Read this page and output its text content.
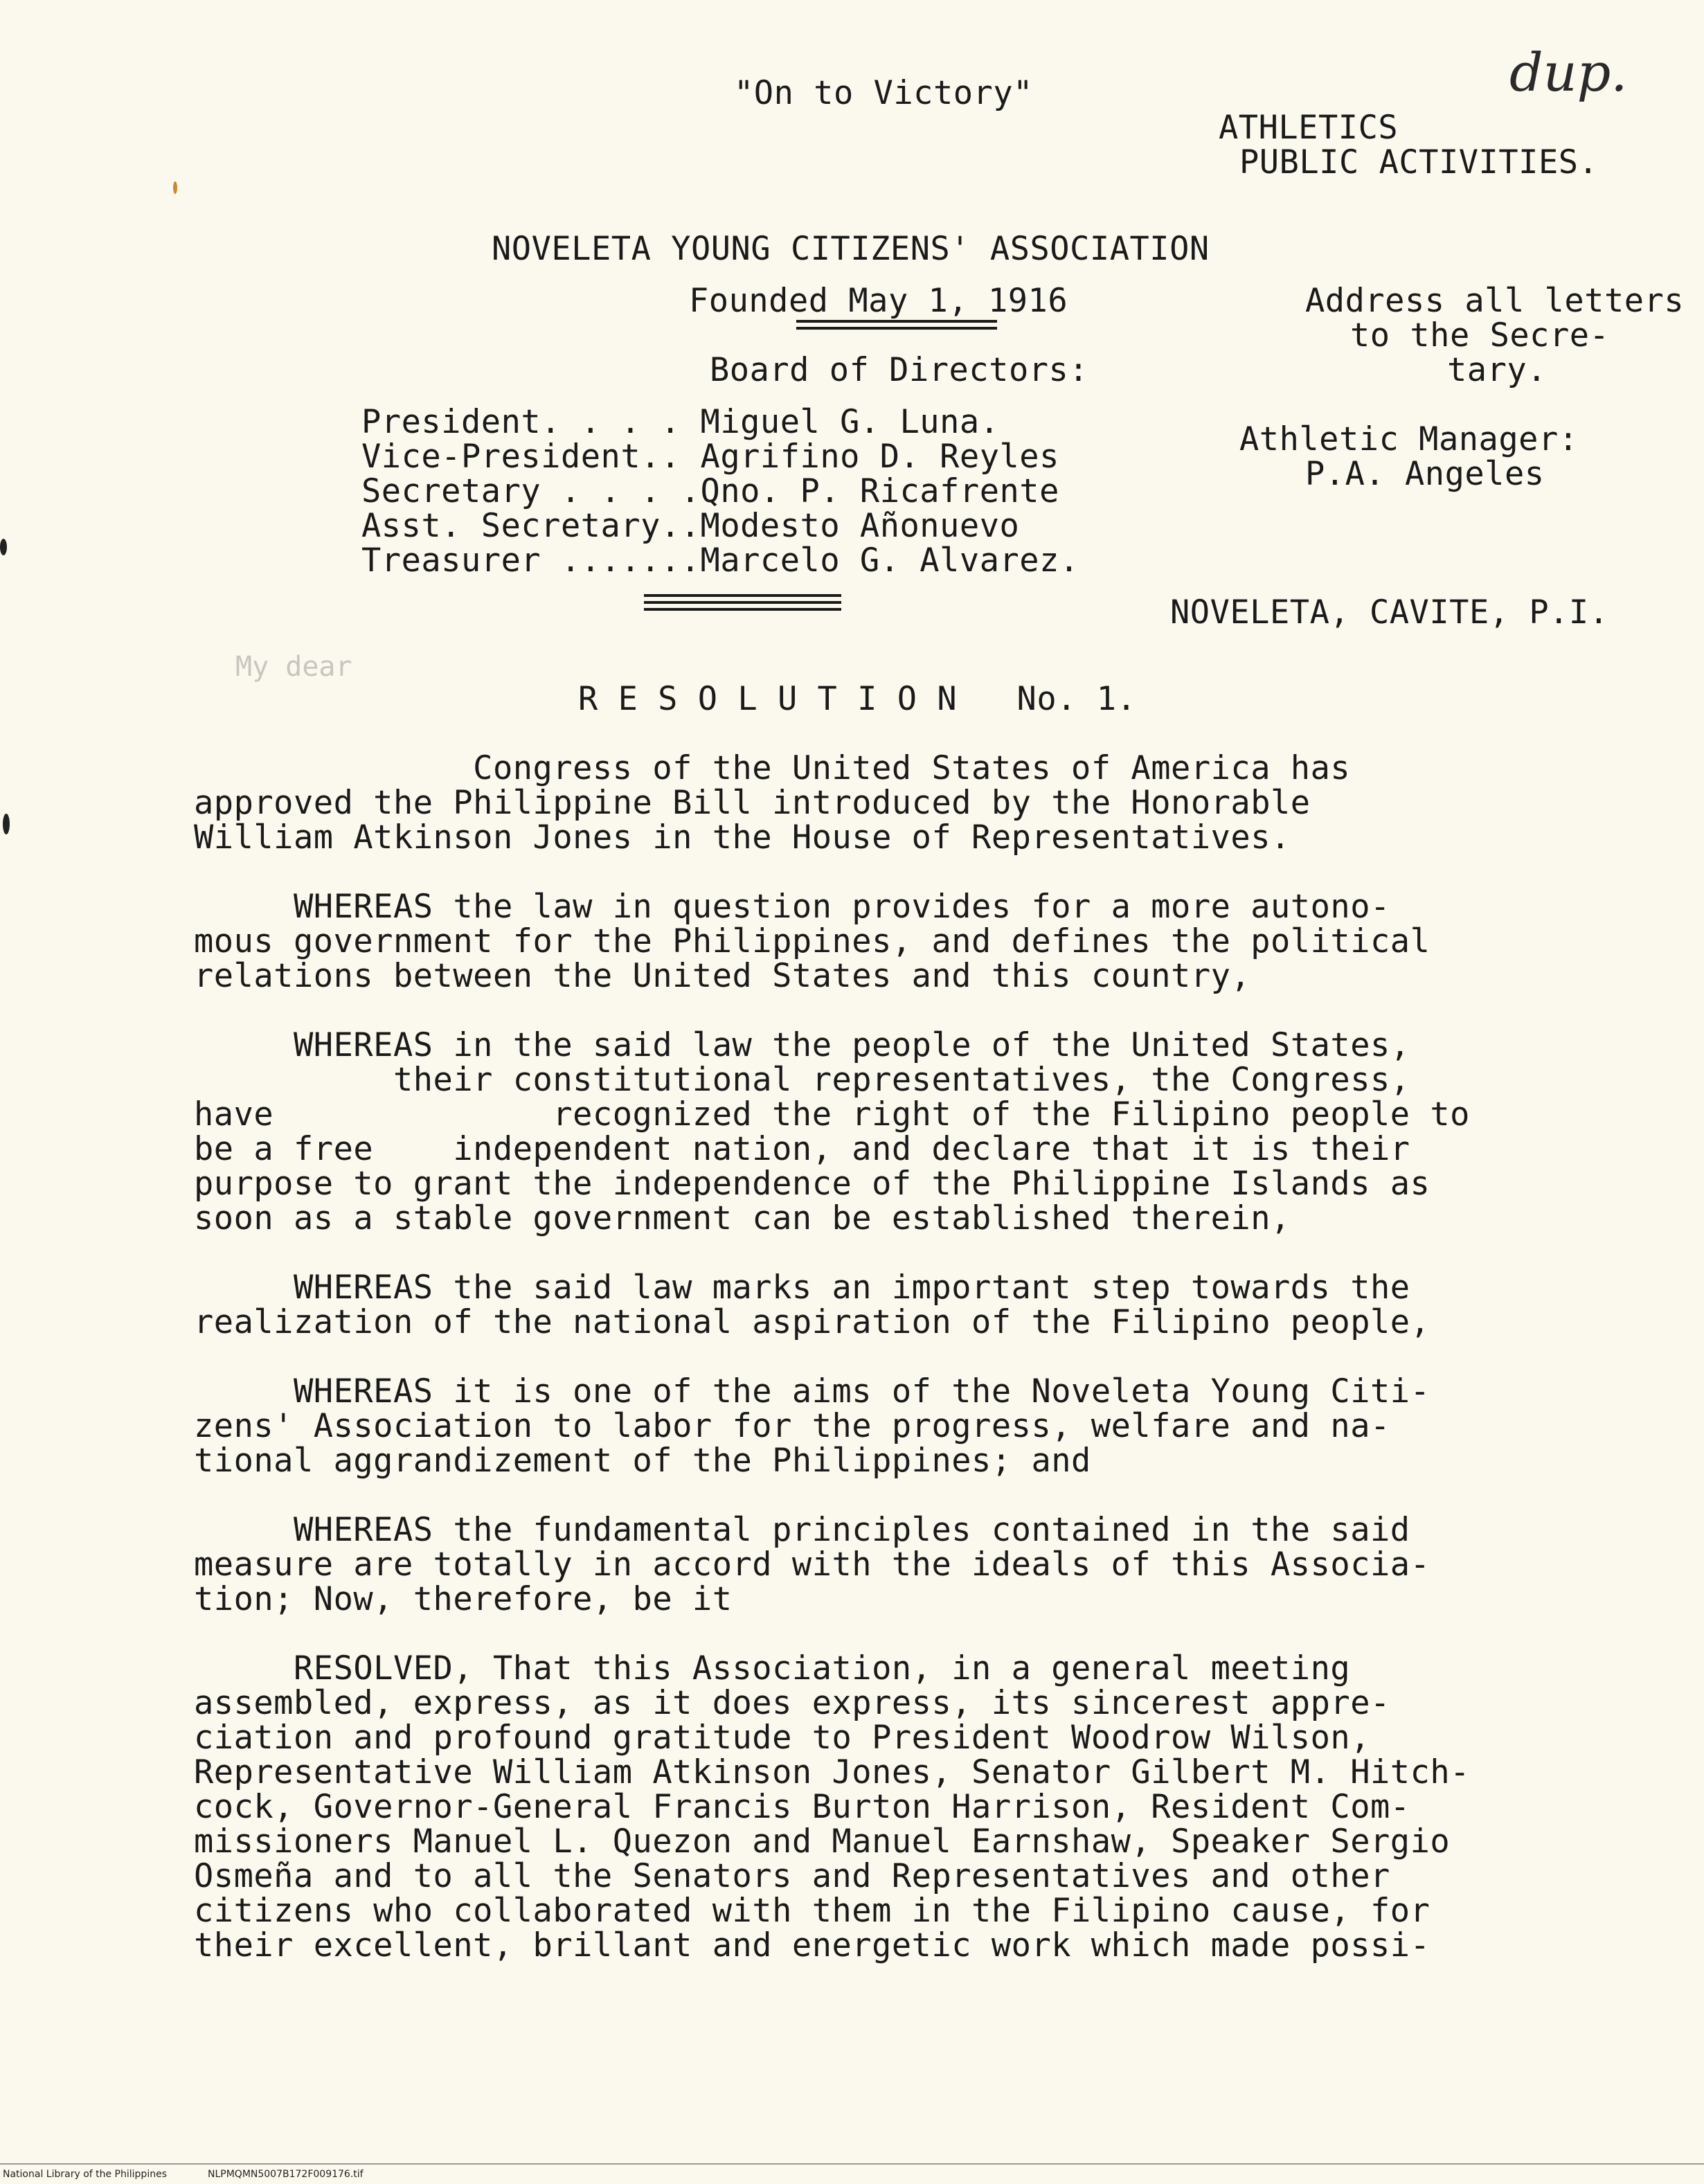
"On to Victory"	dup.
ATHLETICS
PUBLIC ACTIVITIES.
NOVELETA YOUNG CITIZENS' ASSOCIATION
Founded May 1, 1916	Address all letters
to the Secre-
tary.
Board of Directors:
President. . . . Miguel G. Luna.
Vice-President.. Agrifino D. Reyles
Secretary . . . .Qno. P. Ricafrente
Asst. Secretary..Modesto Añonuevo
Treasurer .......Marcelo G. Alvarez.
Athletic Manager:
P.A. Angeles
NOVELETA, CAVITE, P.I.
My dear
R E S O L U T I O N   No. 1.
Congress of the United States of America has
approved the Philippine Bill introduced by the Honorable
William Atkinson Jones in the House of Representatives.
WHEREAS the law in question provides for a more autono-
mous government for the Philippines, and defines the political
relations between the United States and this country,
WHEREAS in the said law the people of the United States,
their constitutional representatives, the Congress,
have              recognized the right of the Filipino people to
be a free    independent nation, and declare that it is their
purpose to grant the independence of the Philippine Islands as
soon as a stable government can be established therein,
WHEREAS the said law marks an important step towards the
realization of the national aspiration of the Filipino people,
WHEREAS it is one of the aims of the Noveleta Young Citi-
zens' Association to labor for the progress, welfare and na-
tional aggrandizement of the Philippines; and
WHEREAS the fundamental principles contained in the said
measure are totally in accord with the ideals of this Associa-
tion; Now, therefore, be it
RESOLVED, That this Association, in a general meeting
assembled, express, as it does express, its sincerest appre-
ciation and profound gratitude to President Woodrow Wilson,
Representative William Atkinson Jones, Senator Gilbert M. Hitch-
cock, Governor-General Francis Burton Harrison, Resident Com-
missioners Manuel L. Quezon and Manuel Earnshaw, Speaker Sergio
Osmeña and to all the Senators and Representatives and other
citizens who collaborated with them in the Filipino cause, for
their excellent, brillant and energetic work which made possi-
National Library of the Philippines	NLPMQMN5007B172F009176.tif
